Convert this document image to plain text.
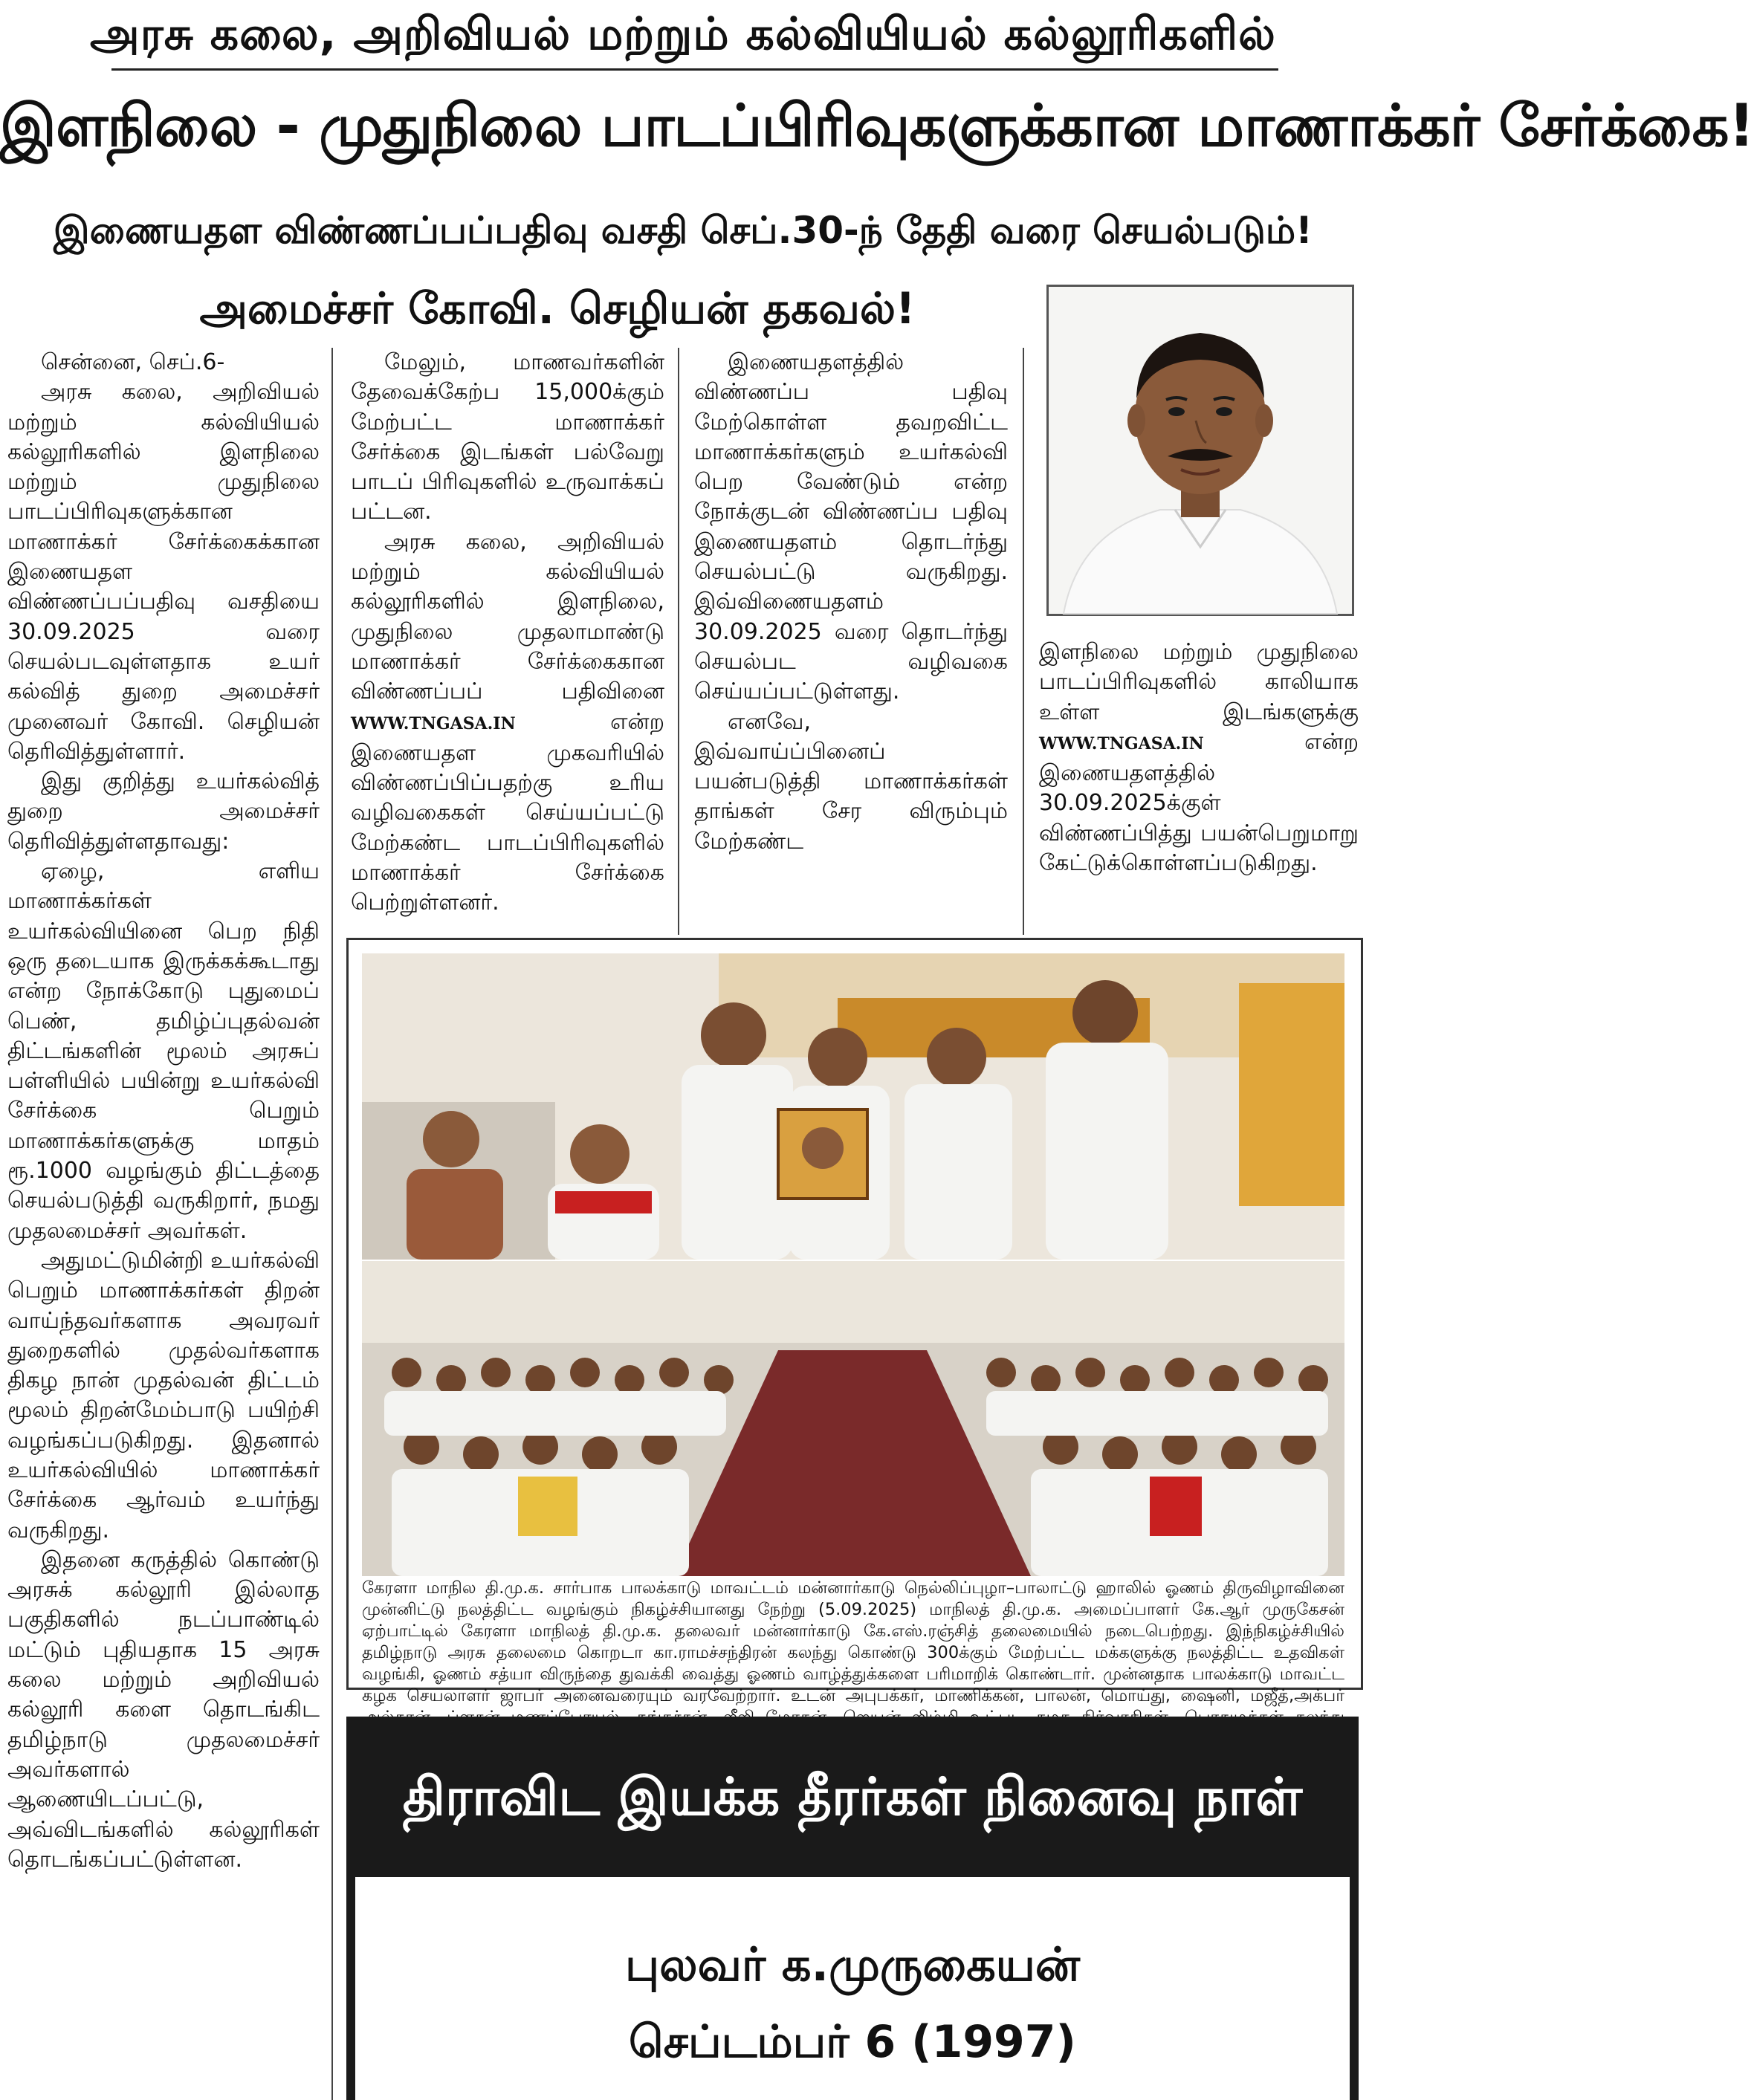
அரசு கலை, அறிவியல் மற்றும் கல்வியியல் கல்லூரிகளில்
இளநிலை - முதுநிலை பாடப்பிரிவுகளுக்கான மாணாக்கர் சேர்க்கை!
இணையதள விண்ணப்பப்பதிவு வசதி செப்.30-ந் தேதி வரை செயல்படும்!
அமைச்சர் கோவி. செழியன் தகவல்!

சென்னை, செப்.6-

அரசு கலை, அறிவியல் மற்றும் கல்வியியல் கல்லூரிகளில் இளநிலை மற்றும் முதுநிலை பாடப்பிரிவுகளுக்கான மாணாக்கர் சேர்க்கைக்கான இணையதள விண்ணப்பப்பதிவு வசதியை 30.09.2025 வரை செயல்படவுள்ளதாக உயர் கல்வித் துறை அமைச்சர் முனைவர் கோவி. செழியன் தெரிவித்துள்ளார்.

இது குறித்து உயர்கல்வித் துறை அமைச்சர் தெரிவித்துள்ளதாவது:

ஏழை, எளிய மாணாக்கர்கள் உயர்கல்வியினை பெற நிதி ஒரு தடையாக இருக்கக்கூடாது என்ற நோக்கோடு புதுமைப் பெண், தமிழ்ப்புதல்வன் திட்டங்களின் மூலம் அரசுப் பள்ளியில் பயின்று உயர்கல்வி சேர்க்கை பெறும் மாணாக்கர்களுக்கு மாதம் ரூ.1000 வழங்கும் திட்டத்தை செயல்படுத்தி வருகிறார், நமது முதலமைச்சர் அவர்கள்.

அதுமட்டுமின்றி உயர்கல்வி பெறும் மாணாக்கர்கள் திறன் வாய்ந்தவர்களாக அவரவர் துறைகளில் முதல்வர்களாக திகழ நான் முதல்வன் திட்டம் மூலம் திறன்மேம்பாடு பயிற்சி வழங்கப்படுகிறது. இதனால் உயர்கல்வியில் மாணாக்கர் சேர்க்கை ஆர்வம் உயர்ந்து வருகிறது.

இதனை கருத்தில் கொண்டு அரசுக் கல்லூரி இல்லாத பகுதிகளில் நடப்பாண்டில் மட்டும் புதியதாக 15 அரசு கலை மற்றும் அறிவியல் கல்லூரி களை தொடங்கிட தமிழ்நாடு முதலமைச்சர் அவர்களால் ஆணையிடப்பட்டு, அவ்விடங்களில் கல்லூரிகள் தொடங்கப்பட்டுள்ளன.

மேலும், மாணவர்களின் தேவைக்கேற்ப 15,000க்கும் மேற்பட்ட மாணாக்கர் சேர்க்கை இடங்கள் பல்வேறு பாடப் பிரிவுகளில் உருவாக்கப் பட்டன.

அரசு கலை, அறிவியல் மற்றும் கல்வியியல் கல்லூரிகளில் இளநிலை, முதுநிலை முதலாமாண்டு மாணாக்கர் சேர்க்கைகான விண்ணப்பப் பதிவினை WWW.TNGASA.IN என்ற இணையதள முகவரியில் விண்ணப்பிப்பதற்கு உரிய வழிவகைகள் செய்யப்பட்டு மேற்கண்ட பாடப்பிரிவுகளில் மாணாக்கர் சேர்க்கை பெற்றுள்ளனர்.

இணையதளத்தில் விண்ணப்ப பதிவு மேற்கொள்ள தவறவிட்ட மாணாக்கர்களும் உயர்கல்வி பெற வேண்டும் என்ற நோக்குடன் விண்ணப்ப பதிவு இணையதளம் தொடர்ந்து செயல்பட்டு வருகிறது. இவ்விணையதளம் 30.09.2025 வரை தொடர்ந்து செயல்பட வழிவகை செய்யப்பட்டுள்ளது.

எனவே, இவ்வாய்ப்பினைப் பயன்படுத்தி மாணாக்கர்கள் தாங்கள் சேர விரும்பும் மேற்கண்ட

இளநிலை மற்றும் முதுநிலை பாடப்பிரிவுகளில் காலியாக உள்ள இடங்களுக்கு WWW.TNGASA.IN என்ற இணையதளத்தில் 30.09.2025க்குள் விண்ணப்பித்து பயன்பெறுமாறு கேட்டுக்கொள்ளப்படுகிறது.

கேரளா மாநில தி.மு.க. சார்பாக பாலக்காடு மாவட்டம் மன்னார்காடு நெல்லிப்புழா–பாலாட்டு ஹாலில் ஓணம் திருவிழாவினை முன்னிட்டு நலத்திட்ட வழங்கும் நிகழ்ச்சியானது நேற்று (5.09.2025) மாநிலத் தி.மு.க. அமைப்பாளர் கே.ஆர் முருகேசன் ஏற்பாட்டில் கேரளா மாநிலத் தி.மு.க. தலைவர் மன்னார்காடு கே.எஸ்.ரஞ்சித் தலைமையில் நடைபெற்றது. இந்நிகழ்ச்சியில் தமிழ்நாடு அரசு தலைமை கொறடா கா.ராமச்சந்திரன் கலந்து கொண்டு 300க்கும் மேற்பட்ட மக்களுக்கு நலத்திட்ட உதவிகள் வழங்கி, ஓணம் சத்யா விருந்தை துவக்கி வைத்து ஓணம் வாழ்த்துக்களை பரிமாறிக் கொண்டார். முன்னதாக பாலக்காடு மாவட்ட கழக செயலாளர் ஜாபர் அனைவரையும் வரவேற்றார். உடன் அபுபக்கர், மாணிக்கன், பாலன், மொய்து, ஷைனி, மஜீத்,அக்பர்
திராவிட இயக்க தீரர்கள் நினைவு நாள்
புலவர் க.முருகையன்
செப்டம்பர் 6 (1997)
